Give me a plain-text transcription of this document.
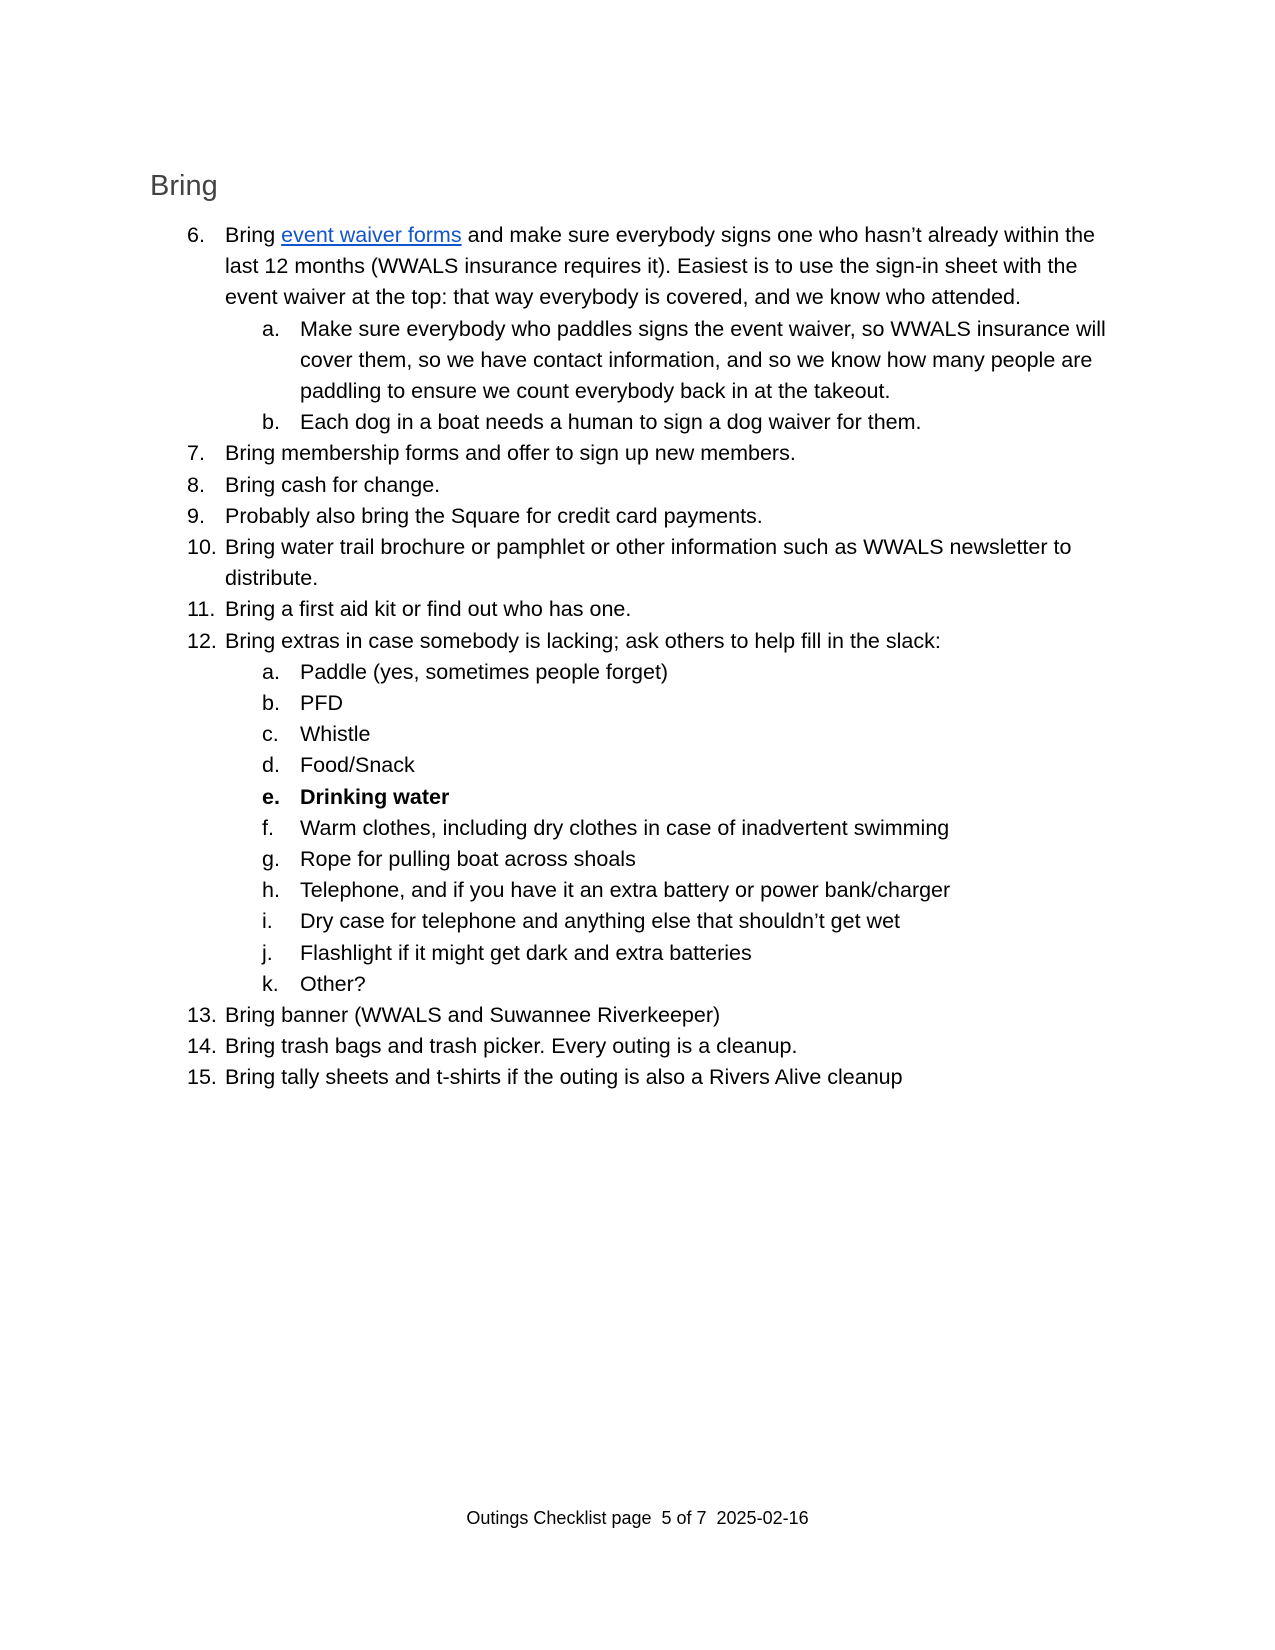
Bring
6. Bring event waiver forms and make sure everybody signs one who hasn’t already within the last 12 months (WWALS insurance requires it). Easiest is to use the sign-in sheet with the event waiver at the top: that way everybody is covered, and we know who attended.
a. Make sure everybody who paddles signs the event waiver, so WWALS insurance will cover them, so we have contact information, and so we know how many people are paddling to ensure we count everybody back in at the takeout.
b. Each dog in a boat needs a human to sign a dog waiver for them.
7. Bring membership forms and offer to sign up new members.
8. Bring cash for change.
9. Probably also bring the Square for credit card payments.
10. Bring water trail brochure or pamphlet or other information such as WWALS newsletter to distribute.
11. Bring a first aid kit or find out who has one.
12. Bring extras in case somebody is lacking; ask others to help fill in the slack:
a. Paddle (yes, sometimes people forget)
b. PFD
c. Whistle
d. Food/Snack
e. Drinking water
f. Warm clothes, including dry clothes in case of inadvertent swimming
g. Rope for pulling boat across shoals
h. Telephone, and if you have it an extra battery or power bank/charger
i. Dry case for telephone and anything else that shouldn’t get wet
j. Flashlight if it might get dark and extra batteries
k. Other?
13. Bring banner (WWALS and Suwannee Riverkeeper)
14. Bring trash bags and trash picker. Every outing is a cleanup.
15. Bring tally sheets and t-shirts if the outing is also a Rivers Alive cleanup
Outings Checklist page  5 of 7  2025-02-16
